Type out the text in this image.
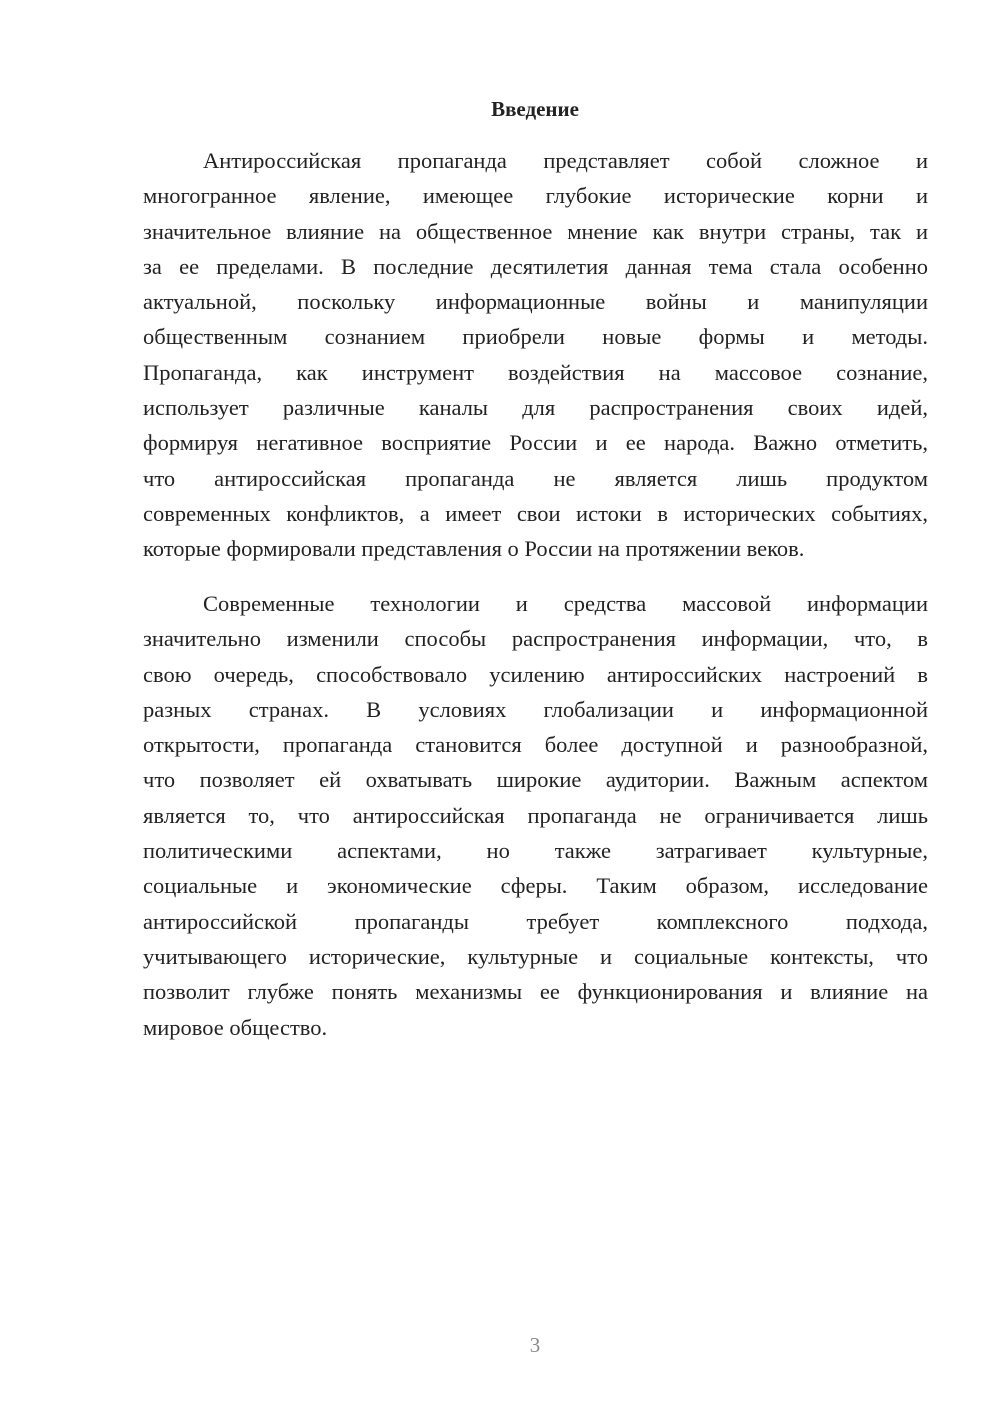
Введение
Антироссийская пропаганда представляет собой сложное и
многогранное явление, имеющее глубокие исторические корни и
значительное влияние на общественное мнение как внутри страны, так и
за ее пределами. В последние десятилетия данная тема стала особенно
актуальной, поскольку информационные войны и манипуляции
общественным сознанием приобрели новые формы и методы.
Пропаганда, как инструмент воздействия на массовое сознание,
использует различные каналы для распространения своих идей,
формируя негативное восприятие России и ее народа. Важно отметить,
что антироссийская пропаганда не является лишь продуктом
современных конфликтов, а имеет свои истоки в исторических событиях,
которые формировали представления о России на протяжении веков.
Современные технологии и средства массовой информации
значительно изменили способы распространения информации, что, в
свою очередь, способствовало усилению антироссийских настроений в
разных странах. В условиях глобализации и информационной
открытости, пропаганда становится более доступной и разнообразной,
что позволяет ей охватывать широкие аудитории. Важным аспектом
является то, что антироссийская пропаганда не ограничивается лишь
политическими аспектами, но также затрагивает культурные,
социальные и экономические сферы. Таким образом, исследование
антироссийской пропаганды требует комплексного подхода,
учитывающего исторические, культурные и социальные контексты, что
позволит глубже понять механизмы ее функционирования и влияние на
мировое общество.
3
